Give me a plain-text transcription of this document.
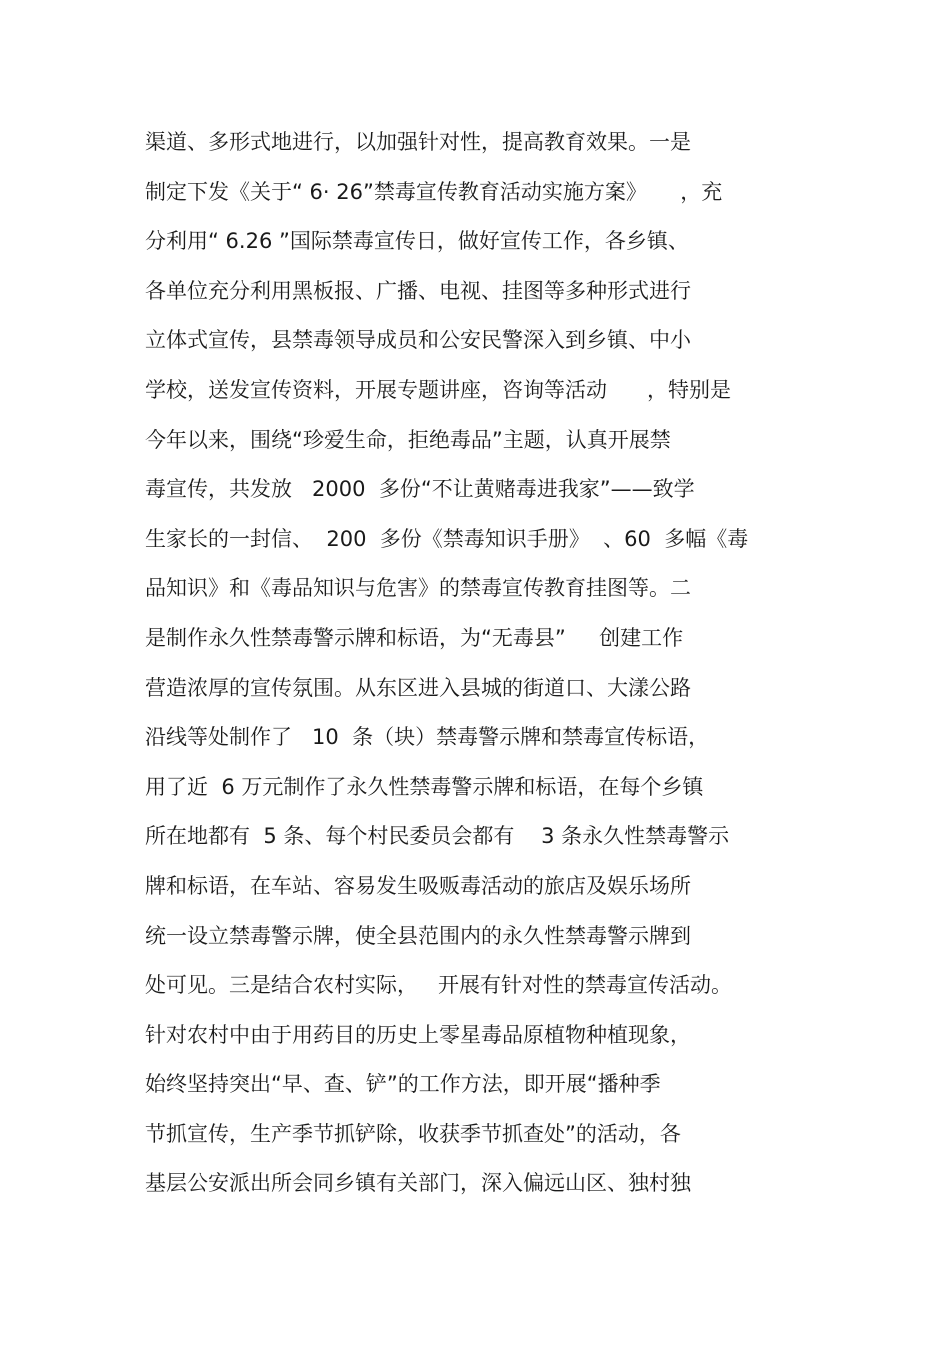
渠道、多形式地进行，以加强针对性，提高教育效果。一是
制定下发《关于“ 6· 26”禁毒宣传教育活动实施方案》     ，充
分利用“ 6.26 ”国际禁毒宣传日，做好宣传工作，各乡镇、
各单位充分利用黑板报、广播、电视、挂图等多种形式进行
立体式宣传，县禁毒领导成员和公安民警深入到乡镇、中小
学校，送发宣传资料，开展专题讲座，咨询等活动      ，特别是
今年以来，围绕“珍爱生命，拒绝毒品”主题，认真开展禁
毒宣传，共发放   2000  多份“不让黄赌毒进我家”——致学
生家长的一封信、  200  多份《禁毒知识手册》  、60  多幅《毒
品知识》和《毒品知识与危害》的禁毒宣传教育挂图等。二
是制作永久性禁毒警示牌和标语，为“无毒县”     创建工作
营造浓厚的宣传氛围。从东区进入县城的街道口、大漾公路
沿线等处制作了   10  条（块）禁毒警示牌和禁毒宣传标语，
用了近  6 万元制作了永久性禁毒警示牌和标语，在每个乡镇
所在地都有  5 条、每个村民委员会都有    3 条永久性禁毒警示
牌和标语，在车站、容易发生吸贩毒活动的旅店及娱乐场所
统一设立禁毒警示牌，使全县范围内的永久性禁毒警示牌到
处可见。三是结合农村实际，   开展有针对性的禁毒宣传活动。
针对农村中由于用药目的历史上零星毒品原植物种植现象，
始终坚持突出“早、查、铲”的工作方法，即开展“播种季
节抓宣传，生产季节抓铲除，收获季节抓查处”的活动，各
基层公安派出所会同乡镇有关部门，深入偏远山区、独村独
